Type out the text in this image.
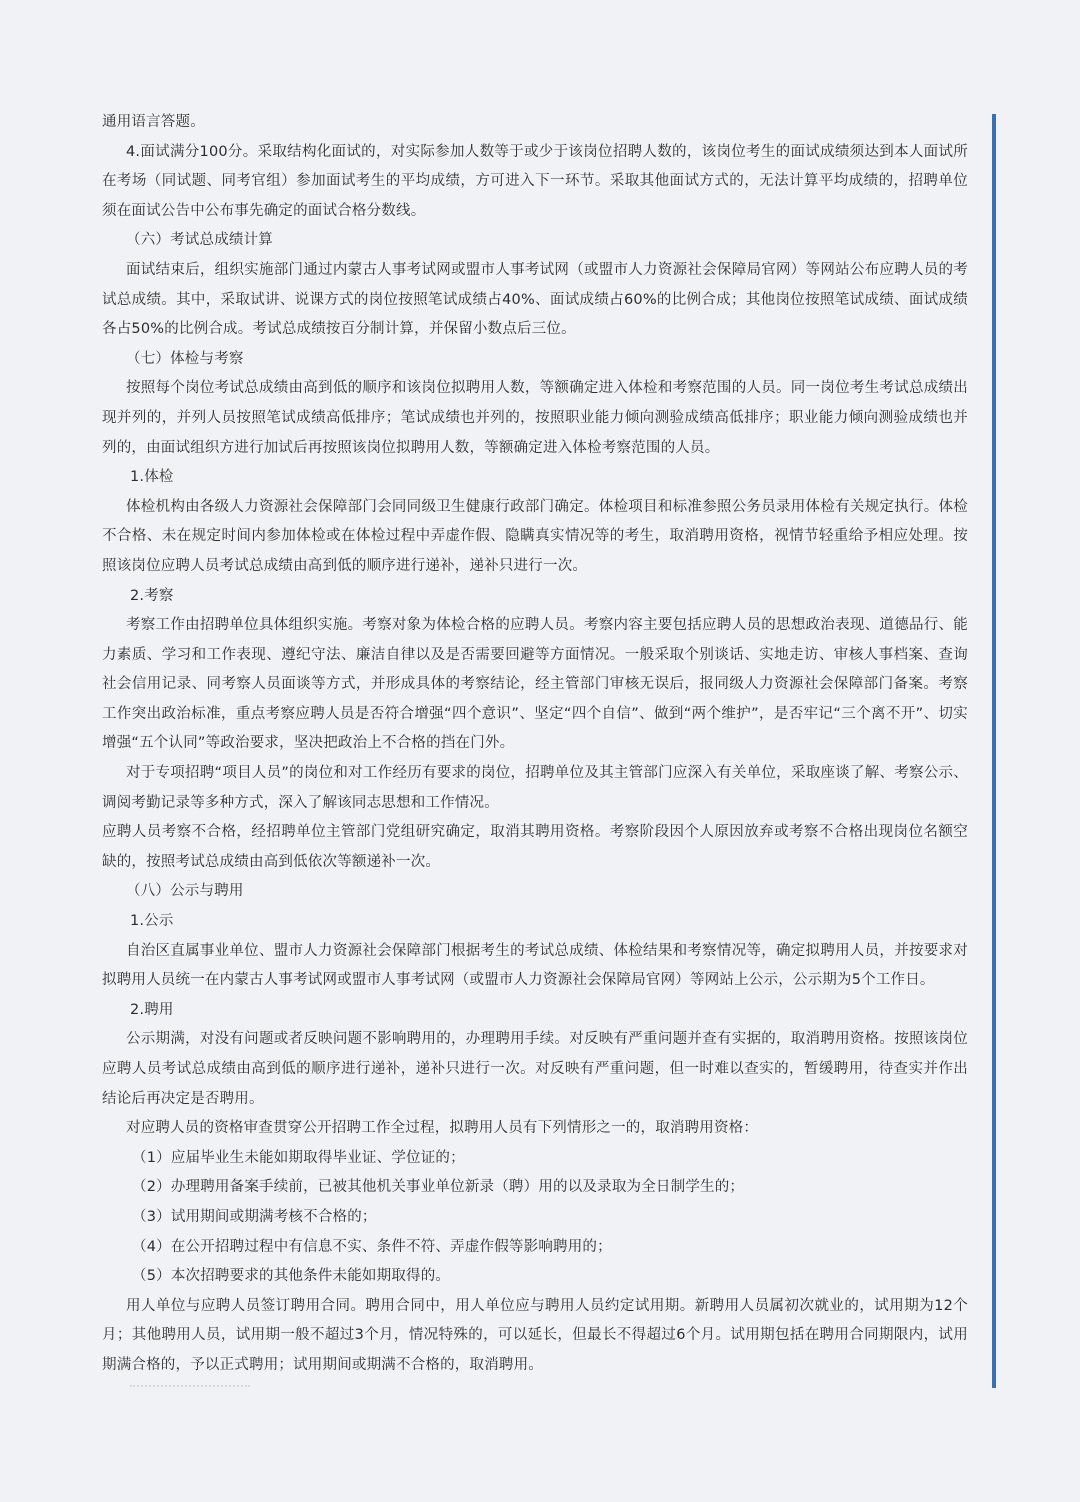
通用语言答题。

4.面试满分100分。采取结构化面试的，对实际参加人数等于或少于该岗位招聘人数的，该岗位考生的面试成绩须达到本人面试所在考场（同试题、同考官组）参加面试考生的平均成绩，方可进入下一环节。采取其他面试方式的，无法计算平均成绩的，招聘单位须在面试公告中公布事先确定的面试合格分数线。

（六）考试总成绩计算

面试结束后，组织实施部门通过内蒙古人事考试网或盟市人事考试网（或盟市人力资源社会保障局官网）等网站公布应聘人员的考试总成绩。其中，采取试讲、说课方式的岗位按照笔试成绩占40%、面试成绩占60%的比例合成；其他岗位按照笔试成绩、面试成绩各占50%的比例合成。考试总成绩按百分制计算，并保留小数点后三位。

（七）体检与考察

按照每个岗位考试总成绩由高到低的顺序和该岗位拟聘用人数，等额确定进入体检和考察范围的人员。同一岗位考生考试总成绩出现并列的，并列人员按照笔试成绩高低排序；笔试成绩也并列的，按照职业能力倾向测验成绩高低排序；职业能力倾向测验成绩也并列的，由面试组织方进行加试后再按照该岗位拟聘用人数，等额确定进入体检考察范围的人员。

1.体检

体检机构由各级人力资源社会保障部门会同同级卫生健康行政部门确定。体检项目和标准参照公务员录用体检有关规定执行。体检不合格、未在规定时间内参加体检或在体检过程中弄虚作假、隐瞒真实情况等的考生，取消聘用资格，视情节轻重给予相应处理。按照该岗位应聘人员考试总成绩由高到低的顺序进行递补，递补只进行一次。

2.考察

考察工作由招聘单位具体组织实施。考察对象为体检合格的应聘人员。考察内容主要包括应聘人员的思想政治表现、道德品行、能力素质、学习和工作表现、遵纪守法、廉洁自律以及是否需要回避等方面情况。一般采取个别谈话、实地走访、审核人事档案、查询社会信用记录、同考察人员面谈等方式，并形成具体的考察结论，经主管部门审核无误后，报同级人力资源社会保障部门备案。考察工作突出政治标准，重点考察应聘人员是否符合增强“四个意识”、坚定“四个自信”、做到“两个维护”，是否牢记“三个离不开”、切实增强“五个认同”等政治要求，坚决把政治上不合格的挡在门外。

对于专项招聘“项目人员”的岗位和对工作经历有要求的岗位，招聘单位及其主管部门应深入有关单位，采取座谈了解、考察公示、调阅考勤记录等多种方式，深入了解该同志思想和工作情况。

应聘人员考察不合格，经招聘单位主管部门党组研究确定，取消其聘用资格。考察阶段因个人原因放弃或考察不合格出现岗位名额空缺的，按照考试总成绩由高到低依次等额递补一次。

（八）公示与聘用

1.公示

自治区直属事业单位、盟市人力资源社会保障部门根据考生的考试总成绩、体检结果和考察情况等，确定拟聘用人员，并按要求对拟聘用人员统一在内蒙古人事考试网或盟市人事考试网（或盟市人力资源社会保障局官网）等网站上公示，公示期为5个工作日。

2.聘用

公示期满，对没有问题或者反映问题不影响聘用的，办理聘用手续。对反映有严重问题并查有实据的，取消聘用资格。按照该岗位应聘人员考试总成绩由高到低的顺序进行递补，递补只进行一次。对反映有严重问题，但一时难以查实的，暂缓聘用，待查实并作出结论后再决定是否聘用。

对应聘人员的资格审查贯穿公开招聘工作全过程，拟聘用人员有下列情形之一的，取消聘用资格：

（1）应届毕业生未能如期取得毕业证、学位证的；

（2）办理聘用备案手续前，已被其他机关事业单位新录（聘）用的以及录取为全日制学生的；

（3）试用期间或期满考核不合格的；

（4）在公开招聘过程中有信息不实、条件不符、弄虚作假等影响聘用的；

（5）本次招聘要求的其他条件未能如期取得的。

用人单位与应聘人员签订聘用合同。聘用合同中，用人单位应与聘用人员约定试用期。新聘用人员属初次就业的，试用期为12个月；其他聘用人员，试用期一般不超过3个月，情况特殊的，可以延长，但最长不得超过6个月。试用期包括在聘用合同期限内，试用期满合格的，予以正式聘用；试用期间或期满不合格的，取消聘用。
